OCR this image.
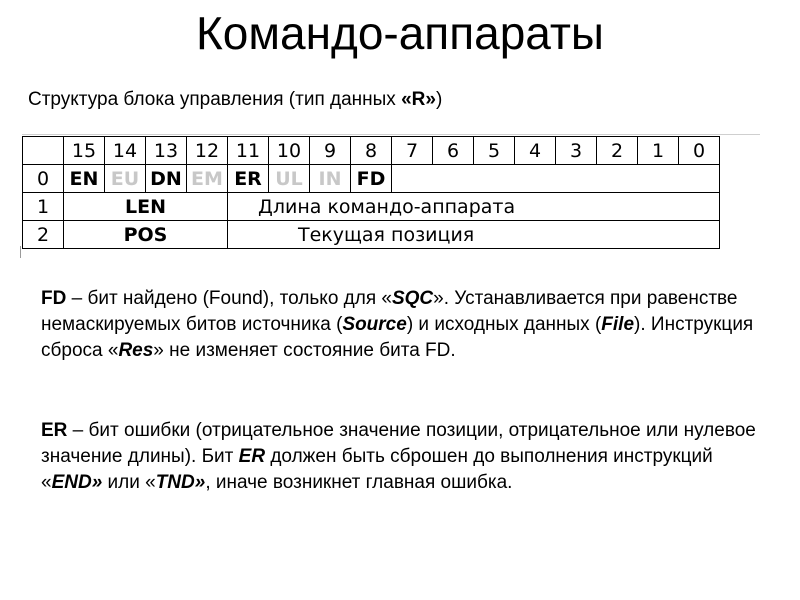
Командо-аппараты
Структура блока управления (тип данных «R»)
	15	14	13	12	11	10	9	8	7	6	5	4	3	2	1	0
0	EN	EU	DN	EM	ER	UL	IN	FD								
1	LEN				Длина командо-аппарата											
2	POS				Текущая позиция											

FD – бит найдено (Found), только для «SQC». Устанавливается при равенстве немаскируемых битов источника (Source) и исходных данных (File). Инструкция сброса «Res» не изменяет состояние бита FD.

ER – бит ошибки (отрицательное значение позиции, отрицательное или нулевое значение длины). Бит ER должен быть сброшен до выполнения инструкций «END» или «TND», иначе возникнет главная ошибка.
